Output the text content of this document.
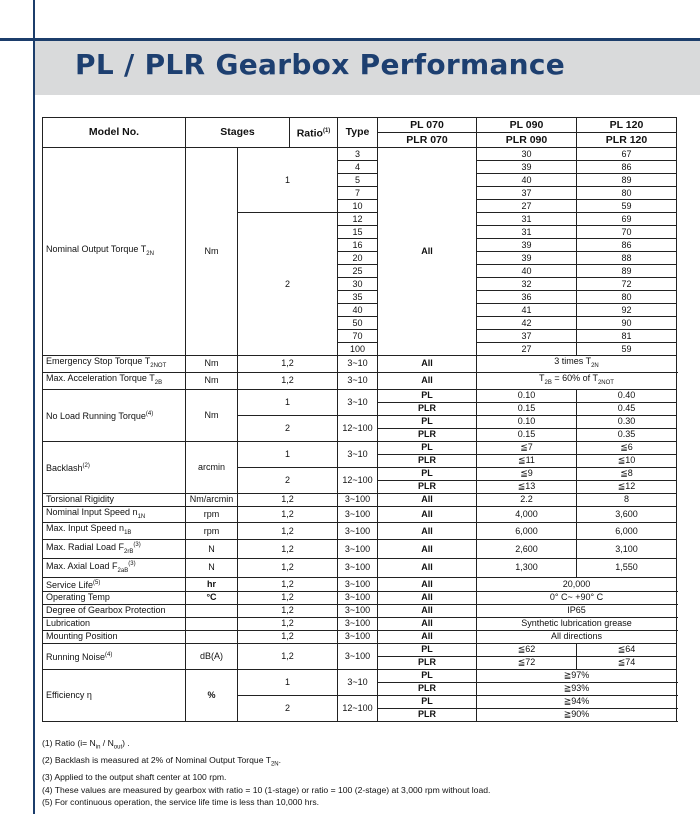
PL / PLR Gearbox Performance
Model No.	Stages		Ratio$^{(1)}$	Type	PL 070	PL 090	PL 120	
					PLR 070	PLR 090	PLR 120	
Nominal Output Torque $T_{2N}$	Nm	1		3	All	30	67	
				4		39	86	
				5		40	89	
				7		37	80	
				10		27	59	
		2		12		31	69	
				15		31	70	
				16		39	86	
				20		39	88	
				25		40	89	
				30		32	72	
				35		36	80	
				40		41	92	
				50		42	90	
				70		37	81	
				100		27	59	
Emergency Stop Torque $T_{2NOT}$	Nm	1,2		3~10	All	3 times $T_{2N}$
Max. Acceleration Torque $T_{2B}$	Nm	1,2		3~10	All	$T_{2B} = 60\%$ of $T_{2NOT}$
No Load Running Torque$^{(4)}$	Nm	1		3~10	PL	0.10	0.40	
					PLR	0.15	0.45	
		2		12~100	PL	0.10	0.30	
					PLR	0.15	0.35	
Backlash$^{(2)}$	arcmin	1		3~10	PL	≦7	≦6	
					PLR	≦11	≦10	
		2		12~100	PL	≦9	≦8	
					PLR	≦13	≦12	
Torsional Rigidity	Nm/arcmin	1,2		3~100	All	2.2	8	
Nominal Input Speed $n_{1N}$	rpm	1,2		3~100	All	4,000	3,600	
Max. Input Speed $n_{1B}$	rpm	1,2		3~100	All	6,000	6,000	
Max. Radial Load $F_{2rB}^{(3)}$	N	1,2		3~100	All	2,600	3,100	
Max. Axial Load $F_{2aB}^{(3)}$	N	1,2		3~100	All	1,300	1,550	
Service Life$^{(5)}$	hr	1,2		3~100	All	20,000		
Operating Temp	°C	1,2		3~100	All	0° C~ +90° C		
Degree of Gearbox Protection		1,2		3~100	All	IP65		
Lubrication		1,2		3~100	All	Synthetic lubrication grease		
Mounting Position		1,2		3~100	All	All directions		
Running Noise$^{(4)}$	dB(A)	1,2		3~100	PL	≦62	≦64	
					PLR	≦72	≦74	
Efficiency η	%	1		3~10	PL	≧97%		
					PLR	≧93%		
		2		12~100	PL	≧94%		
					PLR	≧90%		
(1) Ratio $(i= N_{in} / N_{out})$ .
(2) Backlash is measured at 2% of Nominal Output Torque $T_{2N}$.
(3) Applied to the output shaft center at 100 rpm.
(4) These values are measured by gearbox with ratio = 10 (1-stage) or ratio = 100 (2-stage) at 3,000 rpm without load.
(5) For continuous operation, the service life time is less than 10,000 hrs.
